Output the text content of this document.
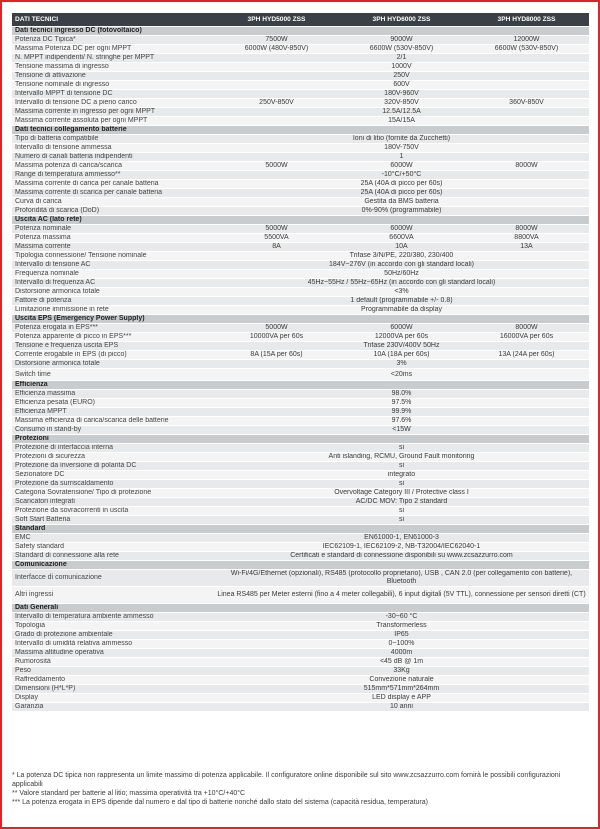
DATI TECNICI	3PH HYD5000 ZSS	3PH HYD6000 ZSS	3PH HYD8000 ZSS
Dati tecnici ingresso DC (fotovoltaico)			
Potenza DC Tipica*	7500W	9000W	12000W
Massima Potenza DC per ogni MPPT	6000W (480V-850V)	6600W (530V-850V)	6600W (530V-850V)
N. MPPT indipendenti/ N. stringhe per MPPT	2/1		
Tensione massima di ingresso	1000V		
Tensione di attivazione	250V		
Tensione nominale di ingresso	600V		
Intervallo MPPT di tensione DC	180V-960V		
Intervallo di tensione DC a pieno carico	250V-850V	320V-850V	360V-850V
Massima corrente in ingresso per ogni MPPT	12.5A/12.5A		
Massima corrente assoluta per ogni MPPT	15A/15A		
Dati tecnici collegamento batterie			
Tipo di batteria compatibile	Ioni di litio (fornite da Zucchetti)		
Intervallo di tensione ammessa	180V-750V		
Numero di canali batteria indipendenti	1		
Massima potenza di carica/scarica	5000W	6000W	8000W
Range di temperatura ammesso**	-10°C/+50°C		
Massima corrente di carica per canale batteria	25A (40A di picco per 60s)		
Massima corrente di scarica per canale batteria	25A (40A di picco per 60s)		
Curva di carica	Gestita da BMS batteria		
Profondità di scarica (DoD)	0%-90% (programmabile)		
Uscita AC (lato rete)			
Potenza nominale	5000W	6000W	8000W
Potenza massima	5500VA	6600VA	8800VA
Massima corrente	8A	10A	13A
Tipologia connessione/ Tensione nominale	Trifase 3/N/PE, 220/380, 230/400		
Intervallo di tensione AC	184V~276V (in accordo con gli standard locali)		
Frequenza nominale	50Hz/60Hz		
Intervallo di frequenza AC	45Hz~55Hz / 55Hz~65Hz (in accordo con gli standard locali)		
Distorsione armonica totale	<3%		
Fattore di potenza	1 default (programmabile +/- 0.8)		
Limitazione immissione in rete	Programmabile da display		
Uscita EPS (Emergency Power Supply)			
Potenza erogata in EPS***	5000W	6000W	8000W
Potenza apparente di picco in EPS***	10000VA per 60s	12000VA per 60s	16000VA per 60s
Tensione e frequenza uscita EPS	Trifase 230V/400V 50Hz		
Corrente erogabile in EPS (di picco)	8A (15A per 60s)	10A (18A per 60s)	13A (24A per 60s)
Distorsione armonica totale	3%		
Switch time	<20ms		
Efficienza			
Efficienza massima	98.0%		
Efficienza pesata (EURO)	97.5%		
Efficienza MPPT	99.9%		
Massima efficienza di carica/scarica delle batterie	97.6%		
Consumo in stand-by	<15W		
Protezioni			
Protezione di interfaccia interna	si		
Protezioni di sicurezza	Anti islanding, RCMU, Ground Fault monitoring		
Protezione da inversione di polarità DC	si		
Sezionatore DC	integrato		
Protezione da surriscaldamento	si		
Categoria Sovratensione/ Tipo di protezione	Overvoltage Category III / Protective class I		
Scaricatori integrati	AC/DC MOV: Tipo 2 standard		
Protezione da sovracorrenti in uscita	si		
Soft Start Batteria	si		
Standard			
EMC	EN61000-1, EN61000-3		
Safety standard	IEC62109-1, IEC62109-2, NB-T32004/IEC62040-1		
Standard di connessione alla rete	Certificati e standard di connessione disponibili su www.zcsazzurro.com		
Comunicazione			
Interfacce di comunicazione	Wi-Fi/4G/Ethernet (opzionali), RS485 (protocollo proprietario), USB , CAN 2.0 (per collegamento con batterie), Bluetooth		
Altri ingressi	Linea RS485 per Meter esterni (fino a 4 meter collegabili), 6 input digitali (5V TTL), connessione per sensori diretti (CT)		
Dati Generali			
Intervallo di temperatura ambiente ammesso	-30~60 °C		
Topologia	Transformerless		
Grado di protezione ambientale	IP65		
Intervallo di umidità relativa ammesso	0~100%		
Massima altitudine operativa	4000m		
Rumorosità	<45 dB @ 1m		
Peso	33Kg		
Raffreddamento	Convezione naturale		
Dimensioni (H*L*P)	515mm*571mm*264mm		
Display	LED display e APP		
Garanzia	10 anni		
* La potenza DC tipica non rappresenta un limite massimo di potenza applicabile. Il configuratore online disponibile sul sito www.zcsazzurro.com fornirà le possibili configurazioni applicabili
** Valore standard per batterie al litio; massima operatività tra +10°C/+40°C
*** La potenza erogata in EPS dipende dal numero e dal tipo di batterie nonché dallo stato del sistema (capacità residua, temperatura)
